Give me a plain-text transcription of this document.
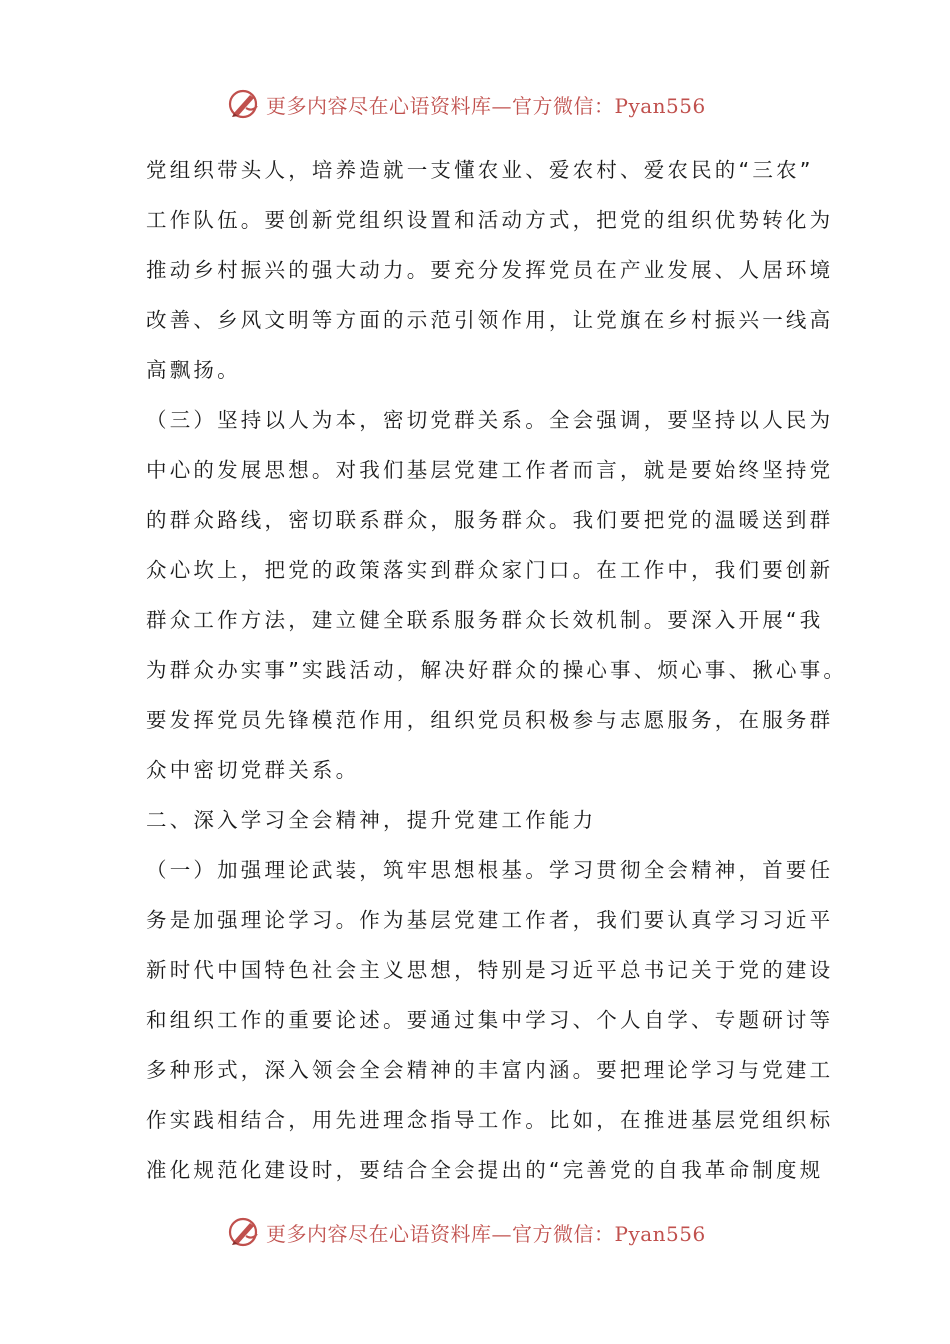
更多内容尽在心语资料库—官方微信：Pyan556
党组织带头人，培养造就一支懂农业、爱农村、爱农民的“三农”
工作队伍。要创新党组织设置和活动方式，把党的组织优势转化为
推动乡村振兴的强大动力。要充分发挥党员在产业发展、人居环境
改善、乡风文明等方面的示范引领作用，让党旗在乡村振兴一线高
高飘扬。
（三）坚持以人为本，密切党群关系。全会强调，要坚持以人民为
中心的发展思想。对我们基层党建工作者而言，就是要始终坚持党
的群众路线，密切联系群众，服务群众。我们要把党的温暖送到群
众心坎上，把党的政策落实到群众家门口。在工作中，我们要创新
群众工作方法，建立健全联系服务群众长效机制。要深入开展“我
为群众办实事”实践活动，解决好群众的操心事、烦心事、揪心事。
要发挥党员先锋模范作用，组织党员积极参与志愿服务，在服务群
众中密切党群关系。
二、深入学习全会精神，提升党建工作能力
（一）加强理论武装，筑牢思想根基。学习贯彻全会精神，首要任
务是加强理论学习。作为基层党建工作者，我们要认真学习习近平
新时代中国特色社会主义思想，特别是习近平总书记关于党的建设
和组织工作的重要论述。要通过集中学习、个人自学、专题研讨等
多种形式，深入领会全会精神的丰富内涵。要把理论学习与党建工
作实践相结合，用先进理念指导工作。比如，在推进基层党组织标
准化规范化建设时，要结合全会提出的“完善党的自我革命制度规
更多内容尽在心语资料库—官方微信：Pyan556
